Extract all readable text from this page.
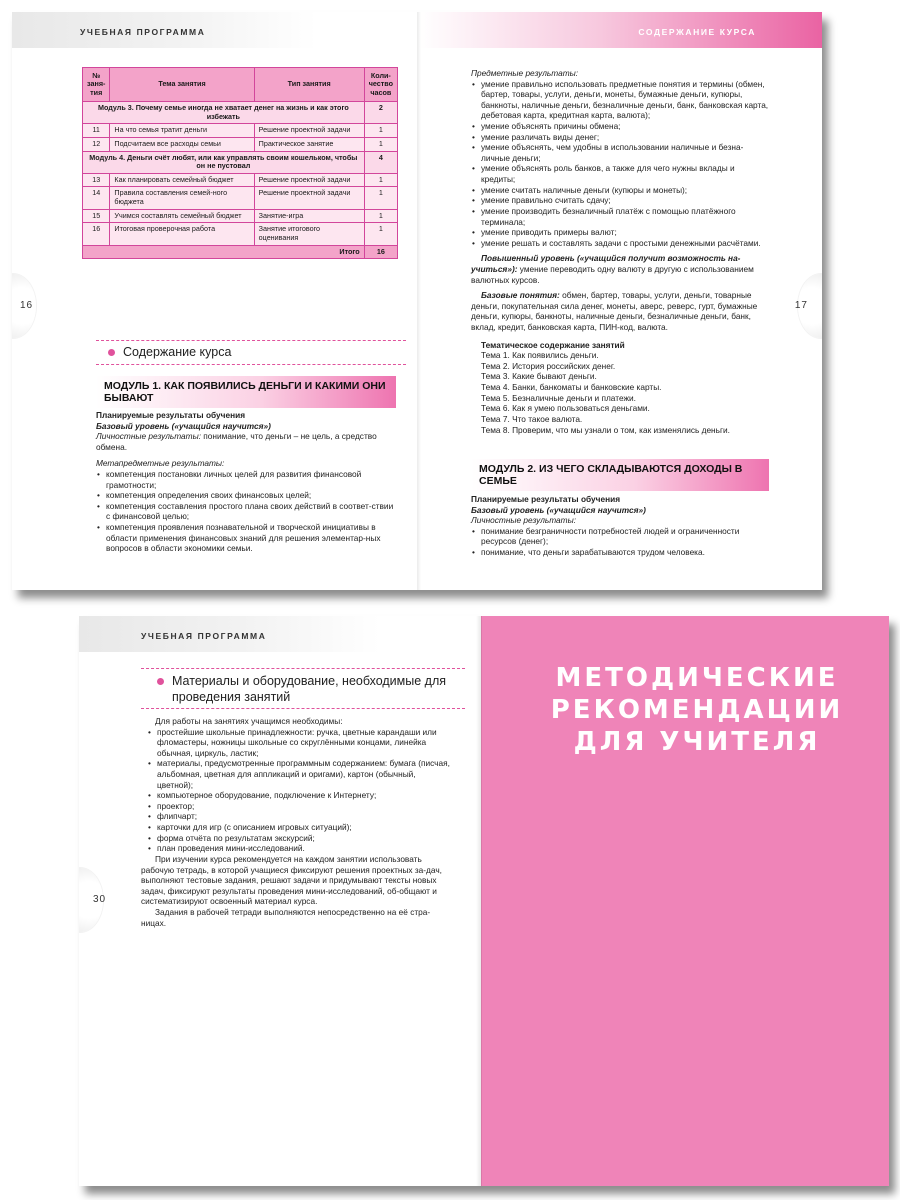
УЧЕБНАЯ ПРОГРАММА
16
№ заня-тия	Тема занятия	Тип занятия	Коли-чество часов
Модуль 3. Почему семье иногда не хватает денег на жизнь и как этого избежать			2
11	На что семья тратит деньги	Решение проектной задачи	1
12	Подсчитаем все расходы семьи	Практическое занятие	1
Модуль 4. Деньги счёт любят, или как управлять своим кошельком, чтобы он не пустовал			4
13	Как планировать семейный бюджет	Решение проектной задачи	1
14	Правила составления семей-ного бюджета	Решение проектной задачи	1
15	Учимся составлять семейный бюджет	Занятие-игра	1
16	Итоговая проверочная работа	Занятие итогового оценивания	1
Итого			16
Содержание курса
МОДУЛЬ 1. КАК ПОЯВИЛИСЬ ДЕНЬГИ И КАКИМИ ОНИ БЫВАЮТ
Планируемые результаты обучения
Базовый уровень («учащийся научится»)
Личностные результаты: понимание, что деньги – не цель, а средство обмена.
Метапредметные результаты:
• компетенция постановки личных целей для развития финансовой грамотности;
• компетенция определения своих финансовых целей;
• компетенция составления простого плана своих действий в соответ-ствии с финансовой целью;
• компетенция проявления познавательной и творческой инициативы в области применения финансовых знаний для решения элементар-ных вопросов в области экономики семьи.
СОДЕРЖАНИЕ КУРСА
17
Предметные результаты:
• умение правильно использовать предметные понятия и термины (обмен, бартер, товары, услуги, деньги, монеты, бумажные деньги, купюры, банкноты, наличные деньги, безналичные деньги, банк, банковская карта, дебетовая карта, кредитная карта, валюта);
• умение объяснять причины обмена;
• умение различать виды денег;
• умение объяснять, чем удобны в использовании наличные и безна-личные деньги;
• умение объяснять роль банков, а также для чего нужны вклады и кредиты;
• умение считать наличные деньги (купюры и монеты);
• умение правильно считать сдачу;
• умение производить безналичный платёж с помощью платёжного терминала;
• умение приводить примеры валют;
• умение решать и составлять задачи с простыми денежными расчётами.
Повышенный уровень («учащийся получит возможность на-учиться»): умение переводить одну валюту в другую с использованием валютных курсов.
Базовые понятия: обмен, бартер, товары, услуги, деньги, товарные деньги, покупательная сила денег, монеты, аверс, реверс, гурт, бумажные деньги, купюры, банкноты, наличные деньги, безналичные деньги, банк, вклад, кредит, банковская карта, ПИН-код, валюта.
Тематическое содержание занятий
Тема 1. Как появились деньги.
Тема 2. История российских денег.
Тема 3. Какие бывают деньги.
Тема 4. Банки, банкоматы и банковские карты.
Тема 5. Безналичные деньги и платежи.
Тема 6. Как я умею пользоваться деньгами.
Тема 7. Что такое валюта.
Тема 8. Проверим, что мы узнали о том, как изменялись деньги.
МОДУЛЬ 2. ИЗ ЧЕГО СКЛАДЫВАЮТСЯ ДОХОДЫ В СЕМЬЕ
Планируемые результаты обучения
Базовый уровень («учащийся научится»)
Личностные результаты:
• понимание безграничности потребностей людей и ограниченности ресурсов (денег);
• понимание, что деньги зарабатываются трудом человека.
УЧЕБНАЯ ПРОГРАММА
30
Материалы и оборудование, необходимые для проведения занятий
Для работы на занятиях учащимся необходимы:
• простейшие школьные принадлежности: ручка, цветные карандаши или фломастеры, ножницы школьные со скруглёнными концами, линейка обычная, циркуль, ластик;
• материалы, предусмотренные программным содержанием: бумага (писчая, альбомная, цветная для аппликаций и оригами), картон (обычный, цветной);
• компьютерное оборудование, подключение к Интернету;
• проектор;
• флипчарт;
• карточки для игр (с описанием игровых ситуаций);
• форма отчёта по результатам экскурсий;
• план проведения мини-исследований.
При изучении курса рекомендуется на каждом занятии использовать рабочую тетрадь, в которой учащиеся фиксируют решения проектных за-дач, выполняют тестовые задания, решают задачи и придумывают тексты новых задач, фиксируют результаты проведения мини-исследований, об-общают и систематизируют освоенный материал курса.
Задания в рабочей тетради выполняются непосредственно на её стра-ницах.
МЕТОДИЧЕСКИЕ
РЕКОМЕНДАЦИИ
ДЛЯ УЧИТЕЛЯ
